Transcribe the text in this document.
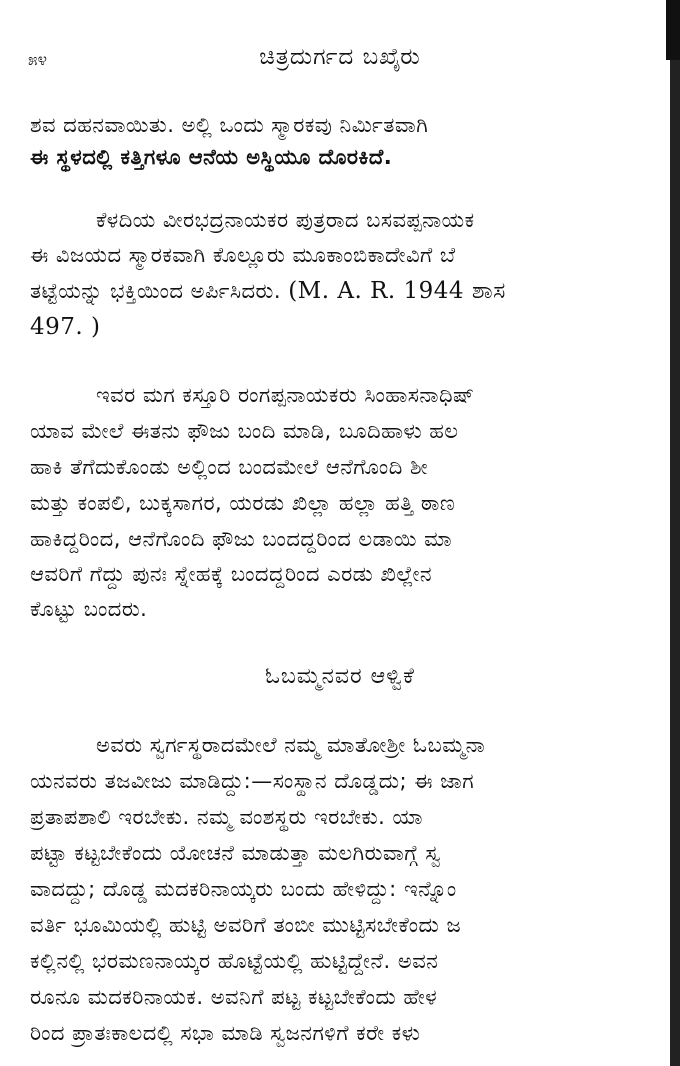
೫೪	ಚಿತ್ರದುರ್ಗದ ಬಖೈರು
ಶವ ದಹನವಾಯಿತು. ಅಲ್ಲಿ ಒಂದು ಸ್ಮಾರಕವು ನಿರ್ಮಿತವಾಗಿ
ಈ ಸ್ಥಳದಲ್ಲಿ ಕತ್ತಿಗಳೂ ಆನೆಯ ಅಸ್ಥಿಯೂ ದೊರಕಿದೆ.
ಕೆಳದಿಯ ವೀರಭದ್ರನಾಯಕರ ಪುತ್ರರಾದ ಬಸವಪ್ಪನಾಯಕ
ಈ ವಿಜಯದ ಸ್ಮಾರಕವಾಗಿ ಕೊಲ್ಲೂರು ಮೂಕಾಂಬಿಕಾದೇವಿಗೆ ಬೆ
ತಟ್ಟೆಯನ್ನು ಭಕ್ತಿಯಿಂದ ಅರ್ಪಿಸಿದರು. (M. A. R. 1944 ಶಾಸ
497. )
ಇವರ ಮಗ ಕಸ್ತೂರಿ ರಂಗಪ್ಪನಾಯಕರು ಸಿಂಹಾಸನಾಧಿಷ್
ಯಾವ ಮೇಲೆ ಈತನು ಫೌಜು ಬಂದಿ ಮಾಡಿ, ಬೂದಿಹಾಳು ಹಲ
ಹಾಕಿ ತೆಗೆದುಕೊಂಡು ಅಲ್ಲಿಂದ ಬಂದಮೇಲೆ ಆನೆಗೊಂದಿ ಶೀ
ಮತ್ತು ಕಂಪಲಿ, ಬುಕ್ಕಸಾಗರ, ಯರಡು ಖಿಲ್ಲಾ ಹಲ್ಲಾ ಹತ್ತಿ ಠಾಣ
ಹಾಕಿದ್ದರಿಂದ, ಆನೆಗೊಂದಿ ಫೌಜು ಬಂದದ್ದರಿಂದ ಲಡಾಯಿ ಮಾ
ಆವರಿಗೆ ಗೆದ್ದು ಪುನಃ ಸ್ನೇಹಕ್ಕೆ ಬಂದದ್ದರಿಂದ ಎರಡು ಖಿಲ್ಲೇನ
ಕೊಟ್ಟು ಬಂದರು.
ಓಬಮ್ಮನವರ ಆಳ್ವಿಕೆ
ಅವರು ಸ್ವರ್ಗಸ್ಥರಾದಮೇಲೆ ನಮ್ಮ ಮಾತೋಶ್ರೀ ಓಬಮ್ಮನಾ
ಯನವರು ತಜವೀಜು ಮಾಡಿದ್ದು:—ಸಂಸ್ಥಾನ ದೊಡ್ಡದು; ಈ ಜಾಗ
ಪ್ರತಾಪಶಾಲಿ ಇರಬೇಕು. ನಮ್ಮ ವಂಶಸ್ಥರು ಇರಬೇಕು. ಯಾ
ಪಟ್ಟಾ ಕಟ್ಟಬೇಕೆಂದು ಯೋಚನೆ ಮಾಡುತ್ತಾ ಮಲಗಿರುವಾಗ್ಗೆ ಸ್ವ
ವಾದದ್ದು; ದೊಡ್ಡ ಮದಕರಿನಾಯ್ಕರು ಬಂದು ಹೇಳಿದ್ದು: ಇನ್ನೊಂ
ವರ್ತಿ ಭೂಮಿಯಲ್ಲಿ ಹುಟ್ಟಿ ಅವರಿಗೆ ತಂಬೀ ಮುಟ್ಟಿಸಬೇಕೆಂದು ಜ
ಕಲ್ಲಿನಲ್ಲಿ ಭರಮಣನಾಯ್ಕರ ಹೊಟ್ಟೆಯಲ್ಲಿ ಹುಟ್ಟಿದ್ದೇನೆ. ಅವನ
ರೂನೂ ಮದಕರಿನಾಯಕ. ಅವನಿಗೆ ಪಟ್ಟ ಕಟ್ಟಬೇಕೆಂದು ಹೇಳ
ರಿಂದ ಪ್ರಾತಃಕಾಲದಲ್ಲಿ ಸಭಾ ಮಾಡಿ ಸ್ವಜನಗಳಿಗೆ ಕರೇ ಕಳು
